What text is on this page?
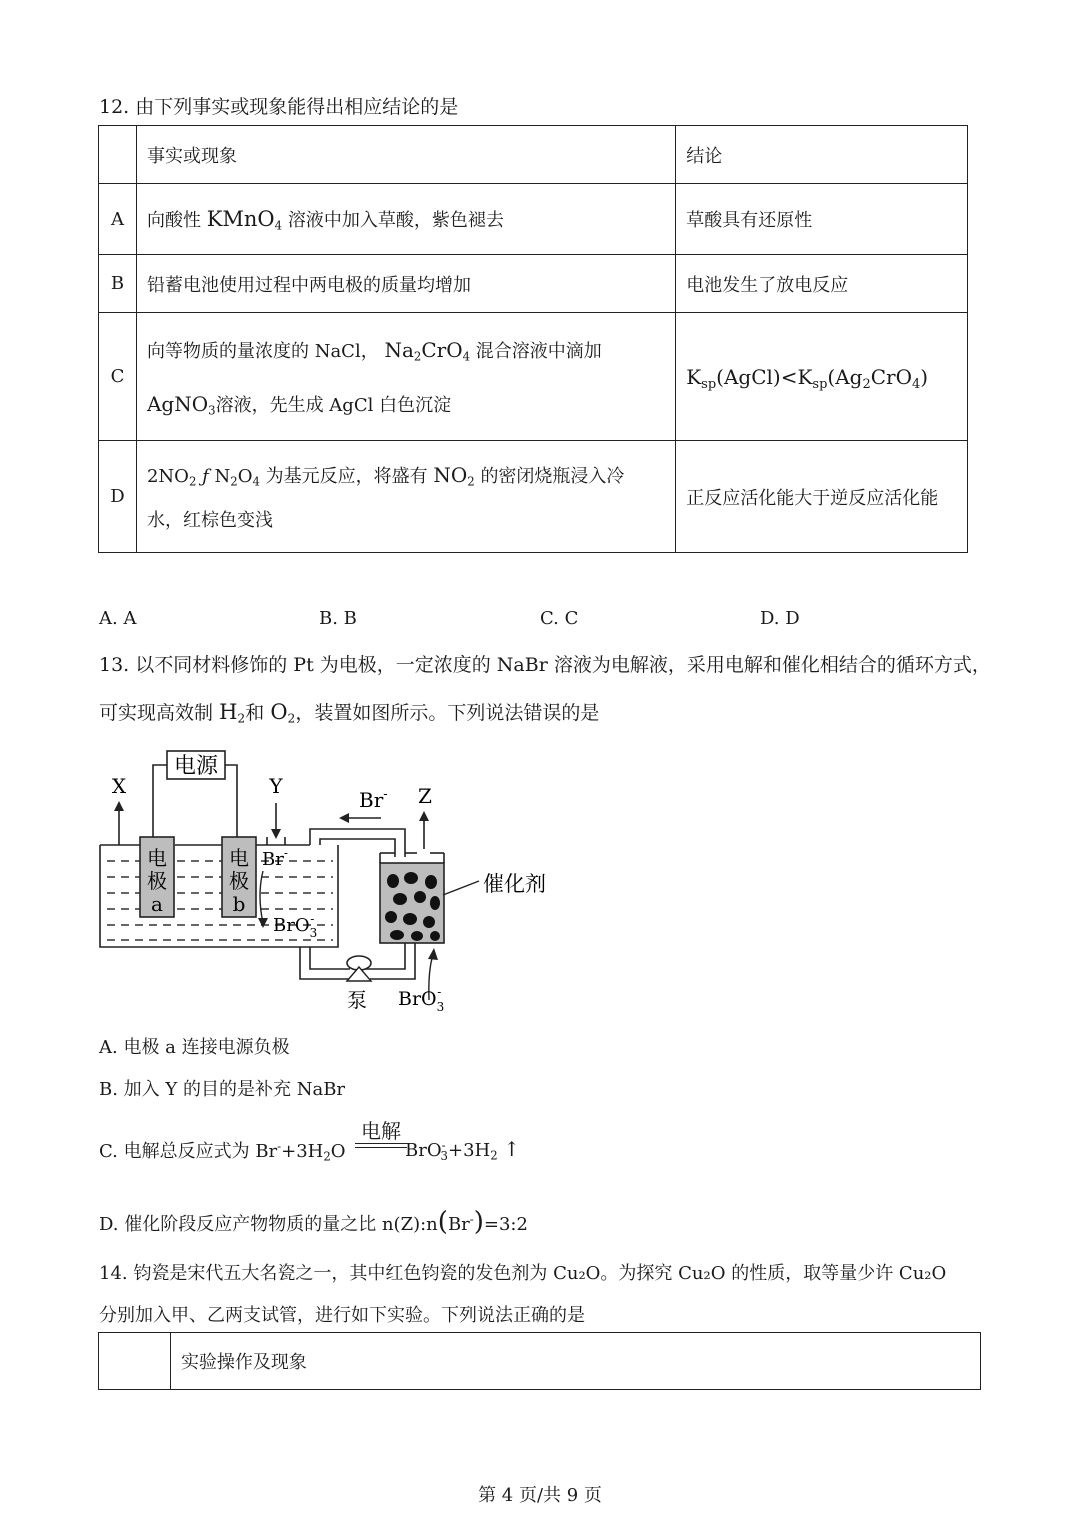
12. 由下列事实或现象能得出相应结论的是
	事实或现象	结论
A	向酸性 KMnO$_4$ 溶液中加入草酸，紫色褪去	草酸具有还原性
B	铅蓄电池使用过程中两电极的质量均增加	电池发生了放电反应
C	向等物质的量浓度的 NaCl， $Na_2CrO_4$ 混合溶液中滴加
AgNO$_3$溶液，先生成 AgCl 白色沉淀	$K_{sp}(AgCl)<K_{sp}(Ag_2CrO_4)$
D	$2NO_2$ ƒ $N_2O_4$ 为基元反应，将盛有 $NO_2$ 的密闭烧瓶浸入冷
水，红棕色变浅	正反应活化能大于逆反应活化能
A. A	B. B	C. C	D. D
13. 以不同材料修饰的 Pt 为电极，一定浓度的 NaBr 溶液为电解液，采用电解和催化相结合的循环方式，
可实现高效制 $H_2$和 $O_2$，装置如图所示。下列说法错误的是
电源
电
极
a
电
极
b
X	Y
Br-
BrO$_3$-
Br-
催化剂
Z
泵 BrO$_3$-
A. 电极 a 连接电源负极
B. 加入 Y 的目的是补充 NaBr
C. 电解总反应式为 $Br^-+3H_2O$
电解
$BrO^-_3+3H_2$ ↑
D. 催化阶段反应产物物质的量之比 n(Z):n(Br-)=3:2
14. 钧瓷是宋代五大名瓷之一，其中红色钧瓷的发色剂为 Cu₂O。为探究 Cu₂O 的性质，取等量少许 Cu₂O
分别加入甲、乙两支试管，进行如下实验。下列说法正确的是
	实验操作及现象
第 4 页/共 9 页
